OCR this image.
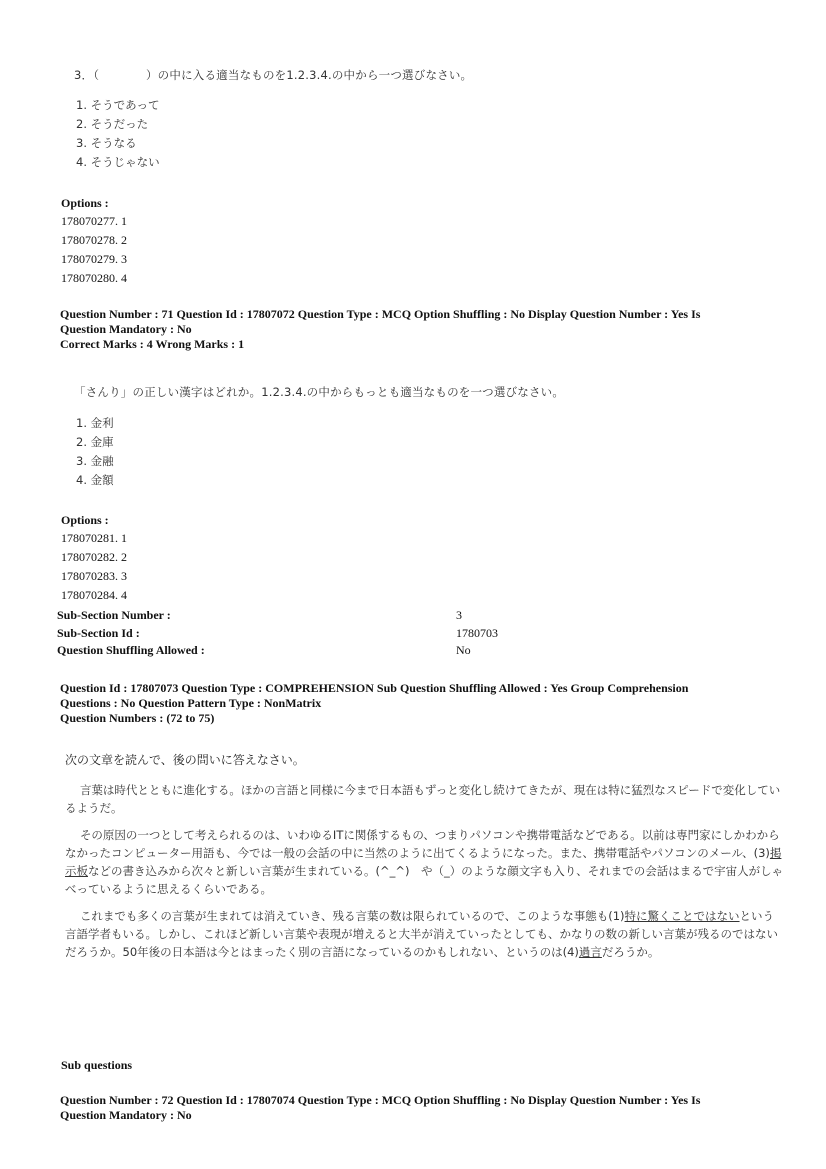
3．（　　　　）の中に入る適当なものを1.2.3.4.の中から一つ選びなさい。
1. そうであって
2. そうだった
3. そうなる
4. そうじゃない
Options :
178070277. 1
178070278. 2
178070279. 3
178070280. 4
Question Number : 71 Question Id : 17807072 Question Type : MCQ Option Shuffling : No Display Question Number : Yes Is
Question Mandatory : No
Correct Marks : 4 Wrong Marks : 1
「さんり」の正しい漢字はどれか。1.2.3.4.の中からもっとも適当なものを一つ選びなさい。
1. 金利
2. 金庫
3. 金融
4. 金額
Options :
178070281. 1
178070282. 2
178070283. 3
178070284. 4
Sub-Section Number :	3
Sub-Section Id :	1780703
Question Shuffling Allowed :	No
Question Id : 17807073 Question Type : COMPREHENSION Sub Question Shuffling Allowed : Yes Group Comprehension
Questions : No Question Pattern Type : NonMatrix
Question Numbers : (72 to 75)

次の文章を読んで、後の問いに答えなさい。

言葉は時代とともに進化する。ほかの言語と同様に今まで日本語もずっと変化し続けてきたが、現在は特に猛烈なスピードで変化しているようだ。

その原因の一つとして考えられるのは、いわゆるITに関係するもの、つまりパソコンや携帯電話などである。以前は専門家にしかわからなかったコンピューター用語も、今では一般の会話の中に当然のように出てくるようになった。また、携帯電話やパソコンのメール、(3)掲示板などの書き込みから次々と新しい言葉が生まれている。(^_^)　や（_）のような顔文字も入り、それまでの会話はまるで宇宙人がしゃべっているように思えるくらいである。

これまでも多くの言葉が生まれては消えていき、残る言葉の数は限られているので、このような事態も(1)特に驚くことではないという言語学者もいる。しかし、これほど新しい言葉や表現が増えると大半が消えていったとしても、かなりの数の新しい言葉が残るのではないだろうか。50年後の日本語は今とはまったく別の言語になっているのかもしれない、というのは(4)過言だろうか。

Sub questions
Question Number : 72 Question Id : 17807074 Question Type : MCQ Option Shuffling : No Display Question Number : Yes Is
Question Mandatory : No
